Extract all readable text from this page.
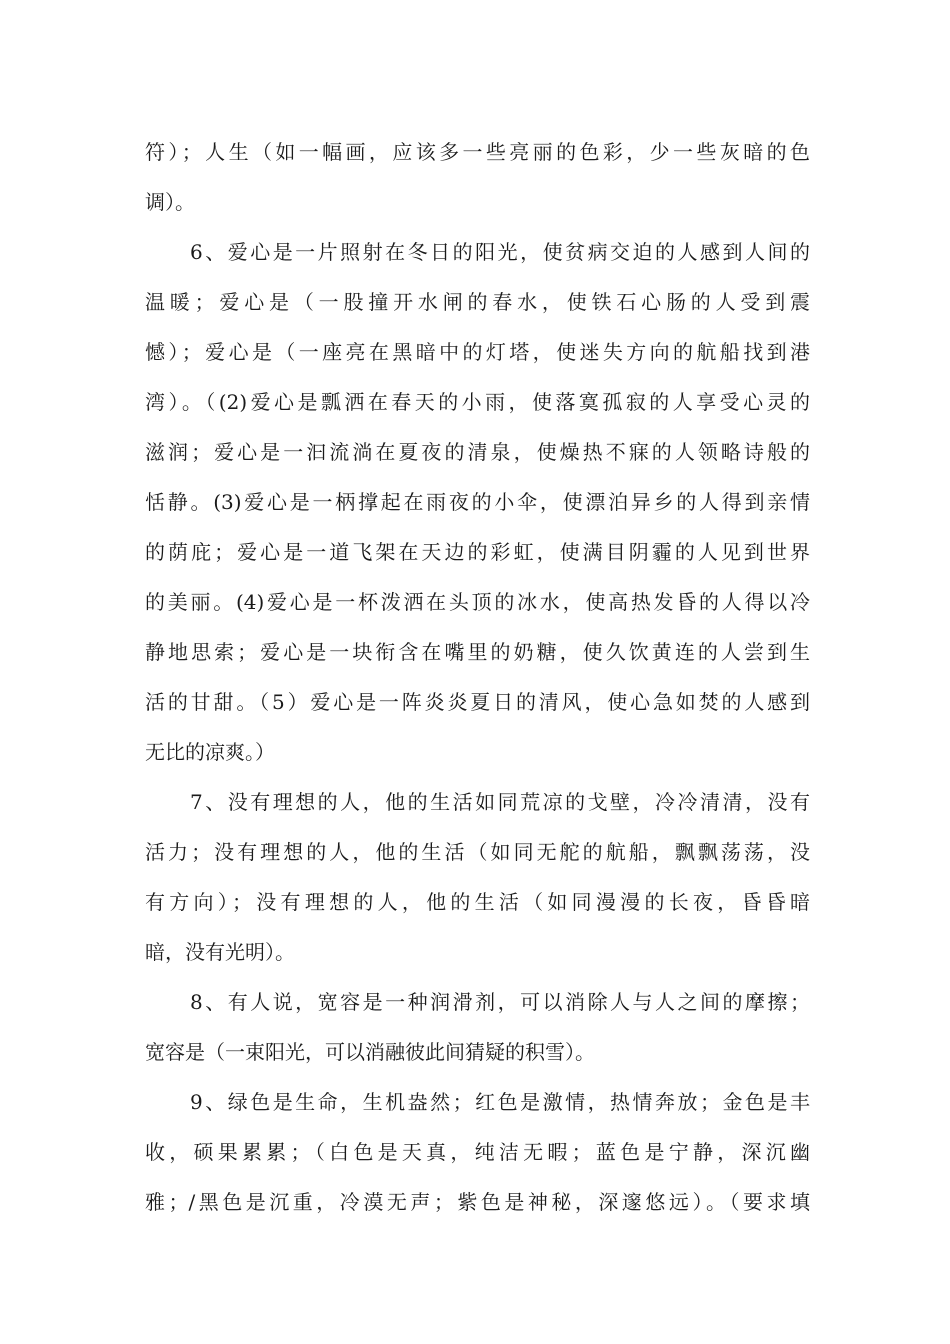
符）；人生（如一幅画，应该多一些亮丽的色彩，少一些灰暗的色
调）。
6、爱心是一片照射在冬日的阳光，使贫病交迫的人感到人间的
温暖；爱心是（一股撞开水闸的春水，使铁石心肠的人受到震
憾）；爱心是（一座亮在黑暗中的灯塔，使迷失方向的航船找到港
湾）。（(2)爱心是瓢洒在春天的小雨，使落寞孤寂的人享受心灵的
滋润；爱心是一汩流淌在夏夜的清泉，使燥热不寐的人领略诗般的
恬静。(3)爱心是一柄撑起在雨夜的小伞，使漂泊异乡的人得到亲情
的荫庇；爱心是一道飞架在天边的彩虹，使满目阴霾的人见到世界
的美丽。(4)爱心是一杯泼洒在头顶的冰水，使高热发昏的人得以冷
静地思索；爱心是一块衔含在嘴里的奶糖，使久饮黄连的人尝到生
活的甘甜。（5）爱心是一阵炎炎夏日的清风，使心急如焚的人感到
无比的凉爽。）
7、没有理想的人，他的生活如同荒凉的戈壁，冷冷清清，没有
活力；没有理想的人，他的生活（如同无舵的航船，飘飘荡荡，没
有方向）；没有理想的人，他的生活（如同漫漫的长夜，昏昏暗
暗，没有光明）。
8、有人说，宽容是一种润滑剂，可以消除人与人之间的摩擦；
宽容是（一束阳光，可以消融彼此间猜疑的积雪）。
9、绿色是生命，生机盎然；红色是激情，热情奔放；金色是丰
收，硕果累累；（白色是天真，纯洁无暇；蓝色是宁静，深沉幽
雅；/黑色是沉重，冷漠无声；紫色是神秘，深邃悠远）。（要求填
